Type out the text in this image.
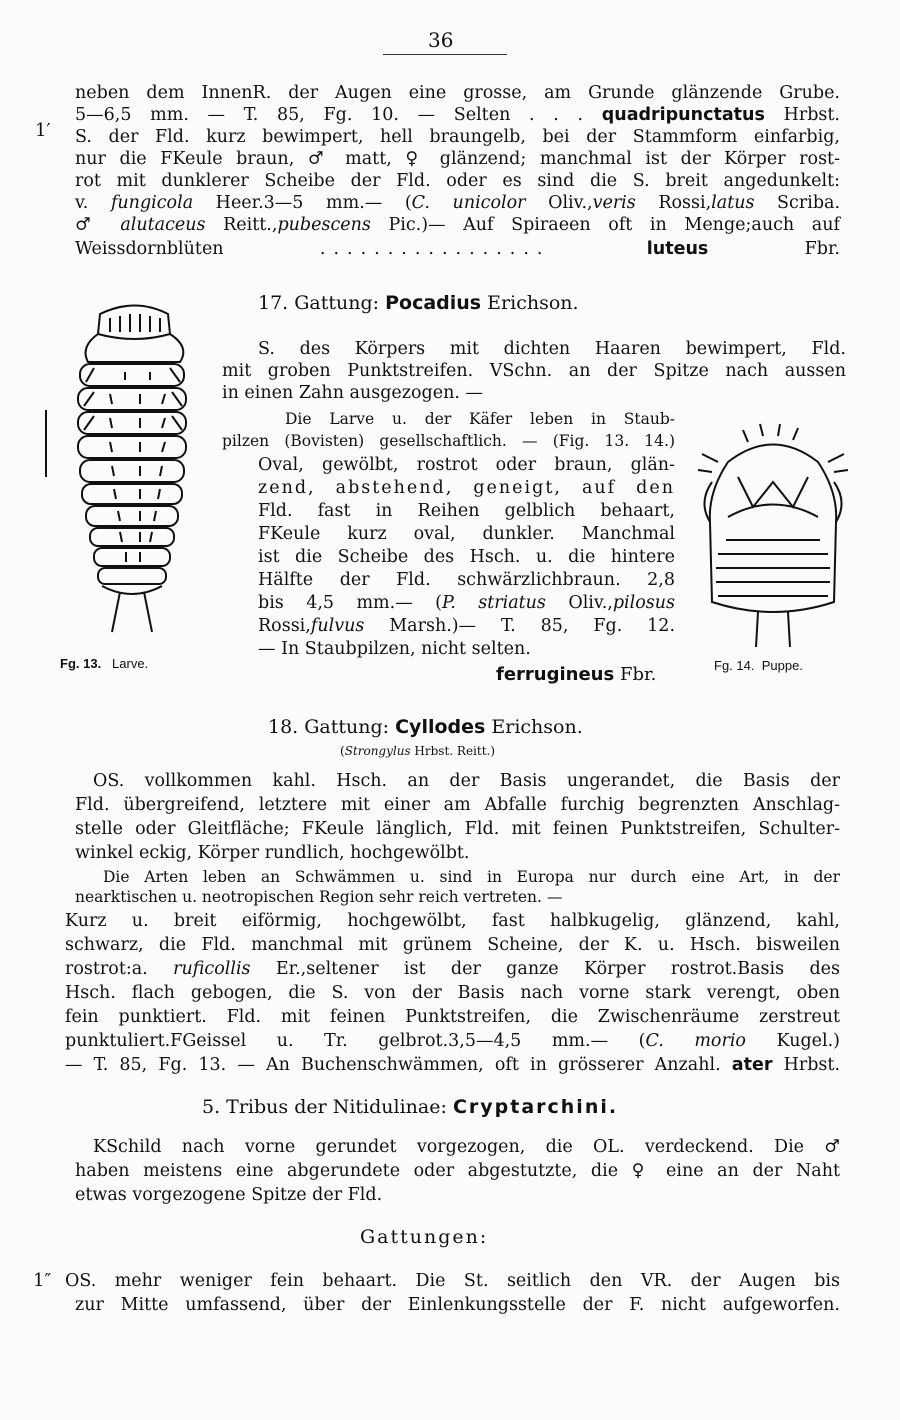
36
1′
neben dem InnenR. der Augen eine grosse, am Grunde glänzende Grube.
5—6,5 mm. — T. 85, Fg. 10. — Selten . . . quadripunctatus Hrbst.
S. der Fld. kurz bewimpert, hell braungelb, bei der Stammform einfarbig,
nur die FKeule braun, ♂ matt, ♀ glänzend; manchmal ist der Körper rost-
rot mit dunklerer Scheibe der Fld. oder es sind die S. breit angedunkelt:
v. fungicola Heer.3—5 mm.— (C. unicolor Oliv.,veris Rossi,latus Scriba.
♂ alutaceus Reitt.,pubescens Pic.)— Auf Spiraeen oft in Menge;auch auf
Weissdornblüten	.................	luteus Fbr.
Fg. 13. Larve.
17. Gattung: Pocadius Erichson.
S. des Körpers mit dichten Haaren bewimpert, Fld.
mit groben Punktstreifen. VSchn. an der Spitze nach aussen
in einen Zahn ausgezogen. —
Die Larve u. der Käfer leben in Staub-
pilzen (Bovisten) gesellschaftlich. — (Fig. 13. 14.)
Oval, gewölbt, rostrot oder braun, glän-
zend, abstehend, geneigt, auf den
Fld. fast in Reihen gelblich behaart,
FKeule kurz oval, dunkler. Manchmal
ist die Scheibe des Hsch. u. die hintere
Hälfte der Fld. schwärzlichbraun. 2,8
bis 4,5 mm.— (P. striatus Oliv.,pilosus
Rossi,fulvus Marsh.)— T. 85, Fg. 12.
— In Staubpilzen, nicht selten.
ferrugineus Fbr.	Fg. 14. Puppe.
18. Gattung: Cyllodes Erichson.
(Strongylus Hrbst. Reitt.)
OS. vollkommen kahl. Hsch. an der Basis ungerandet, die Basis der
Fld. übergreifend, letztere mit einer am Abfalle furchig begrenzten Anschlag-
stelle oder Gleitfläche; FKeule länglich, Fld. mit feinen Punktstreifen, Schulter-
winkel eckig, Körper rundlich, hochgewölbt.
Die Arten leben an Schwämmen u. sind in Europa nur durch eine Art, in der
nearktischen u. neotropischen Region sehr reich vertreten. —
Kurz u. breit eiförmig, hochgewölbt, fast halbkugelig, glänzend, kahl,
schwarz, die Fld. manchmal mit grünem Scheine, der K. u. Hsch. bisweilen
rostrot:a. ruficollis Er.,seltener ist der ganze Körper rostrot.Basis des
Hsch. flach gebogen, die S. von der Basis nach vorne stark verengt, oben
fein punktiert. Fld. mit feinen Punktstreifen, die Zwischenräume zerstreut
punktuliert.FGeissel u. Tr. gelbrot.3,5—4,5 mm.— (C. morio Kugel.)
— T. 85, Fg. 13. — An Buchenschwämmen, oft in grösserer Anzahl. ater Hrbst.
5. Tribus der Nitidulinae: Cryptarchini.
KSchild nach vorne gerundet vorgezogen, die OL. verdeckend. Die ♂
haben meistens eine abgerundete oder abgestutzte, die ♀ eine an der Naht
etwas vorgezogene Spitze der Fld.
Gattungen:
1″ OS. mehr weniger fein behaart. Die St. seitlich den VR. der Augen bis
zur Mitte umfassend, über der Einlenkungsstelle der F. nicht aufgeworfen.
